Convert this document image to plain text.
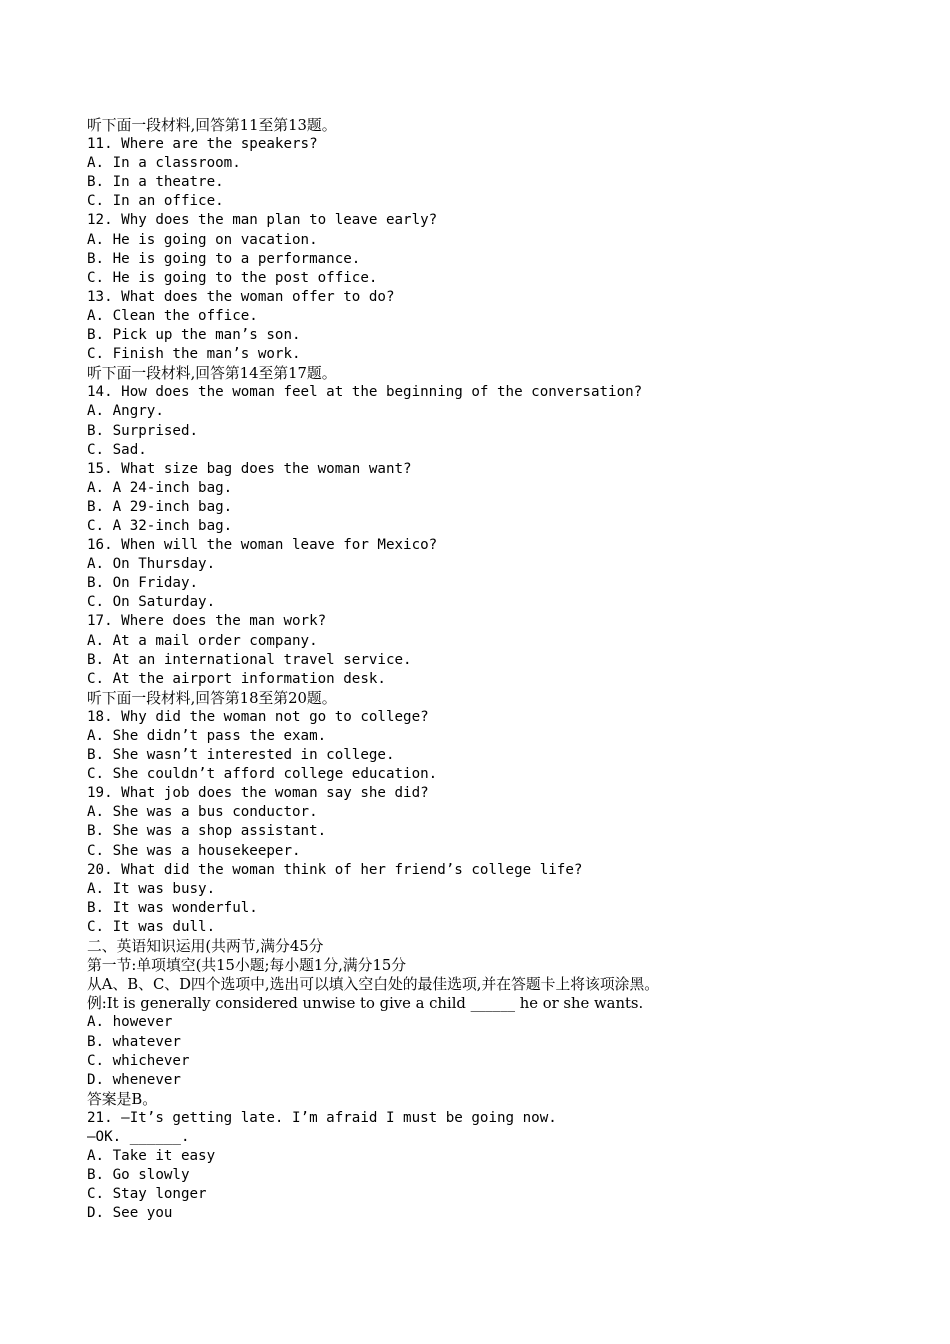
听下面一段材料,回答第11至第13题。
11. Where are the speakers?
A. In a classroom.
B. In a theatre.
C. In an office.
12. Why does the man plan to leave early?
A. He is going on vacation.
B. He is going to a performance.
C. He is going to the post office.
13. What does the woman offer to do?
A. Clean the office.
B. Pick up the man’s son.
C. Finish the man’s work.
听下面一段材料,回答第14至第17题。
14. How does the woman feel at the beginning of the conversation?
A. Angry.
B. Surprised.
C. Sad.
15. What size bag does the woman want?
A. A 24-inch bag.
B. A 29-inch bag.
C. A 32-inch bag.
16. When will the woman leave for Mexico?
A. On Thursday.
B. On Friday.
C. On Saturday.
17. Where does the man work?
A. At a mail order company.
B. At an international travel service.
C. At the airport information desk.
听下面一段材料,回答第18至第20题。
18. Why did the woman not go to college?
A. She didn’t pass the exam.
B. She wasn’t interested in college.
C. She couldn’t afford college education.
19. What job does the woman say she did?
A. She was a bus conductor.
B. She was a shop assistant.
C. She was a housekeeper.
20. What did the woman think of her friend’s college life?
A. It was busy.
B. It was wonderful.
C. It was dull.
二、英语知识运用(共两节,满分45分
第一节:单项填空(共15小题;每小题1分,满分15分
从A、B、C、D四个选项中,选出可以填入空白处的最佳选项,并在答题卡上将该项涂黑。
例:It is generally considered unwise to give a child ______ he or she wants.
A. however
B. whatever
C. whichever
D. whenever
答案是B。
21. —It’s getting late. I’m afraid I must be going now.
—OK. ______.
A. Take it easy
B. Go slowly
C. Stay longer
D. See you
